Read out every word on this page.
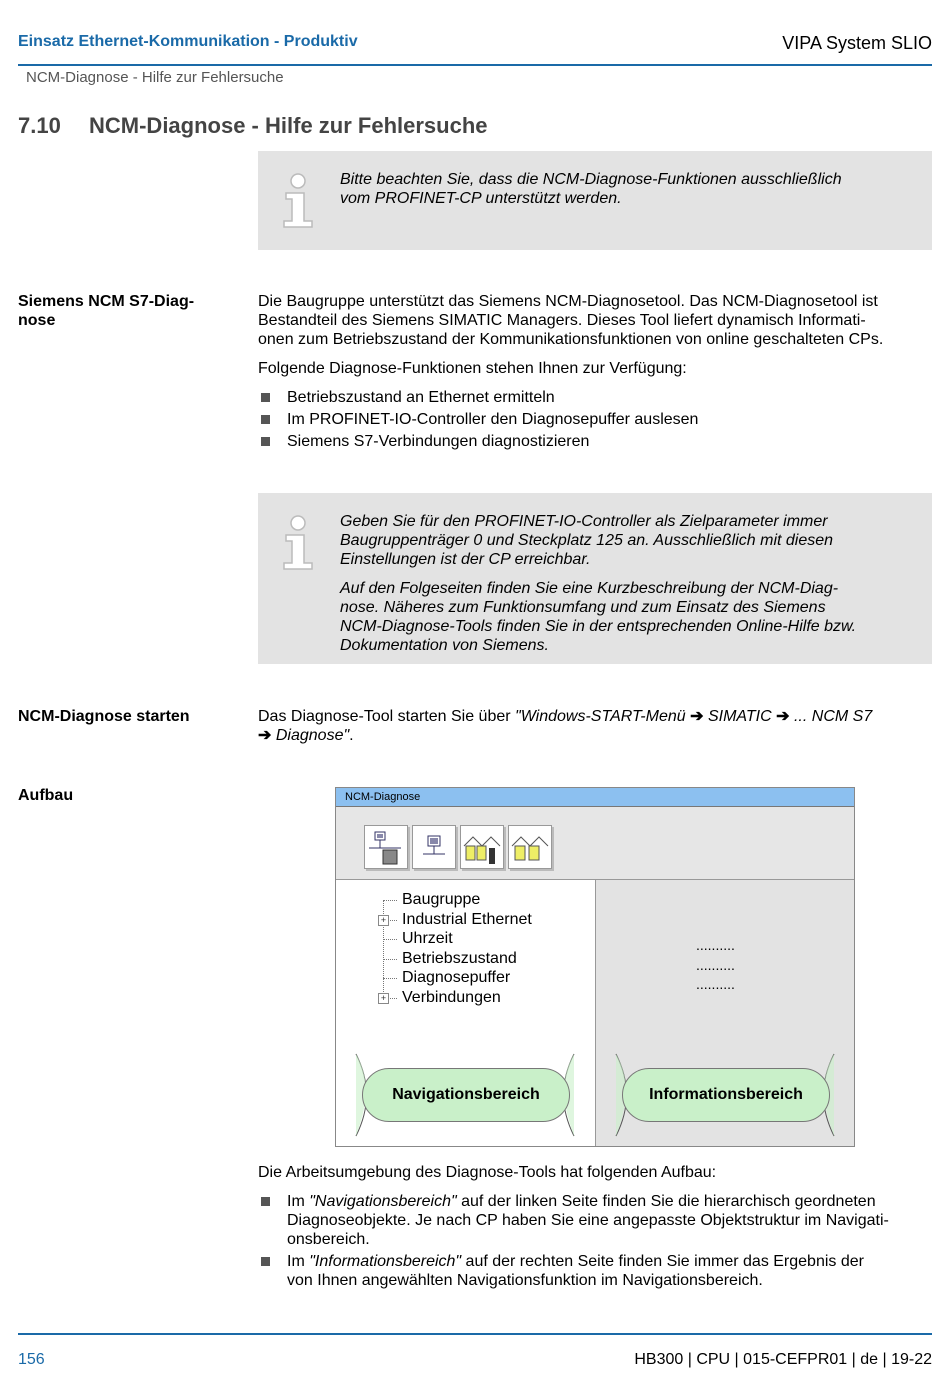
Einsatz Ethernet-Kommunikation - Produktiv	VIPA System SLIO
NCM-Diagnose - Hilfe zur Fehlersuche
7.10 NCM-Diagnose - Hilfe zur Fehlersuche

Bitte beachten Sie, dass die NCM-Diagnose-Funktionen ausschließlich
vom PROFINET-CP unterstützt werden.

Siemens NCM S7-Diag-
nose

Die Baugruppe unterstützt das Siemens NCM-Diagnosetool. Das NCM-Diagnosetool ist
Bestandteil des Siemens SIMATIC Managers. Dieses Tool liefert dynamisch Informati-
onen zum Betriebszustand der Kommunikationsfunktionen von online geschalteten CPs.

Folgende Diagnose-Funktionen stehen Ihnen zur Verfügung:

Betriebszustand an Ethernet ermitteln
Im PROFINET-IO-Controller den Diagnosepuffer auslesen
Siemens S7-Verbindungen diagnostizieren

Geben Sie für den PROFINET-IO-Controller als Zielparameter immer
Baugruppenträger 0 und Steckplatz 125 an. Ausschließlich mit diesen
Einstellungen ist der CP erreichbar.

Auf den Folgeseiten finden Sie eine Kurzbeschreibung der NCM-Diag-
nose. Näheres zum Funktionsumfang und zum Einsatz des Siemens
NCM-Diagnose-Tools finden Sie in der entsprechenden Online-Hilfe bzw.
Dokumentation von Siemens.

NCM-Diagnose starten	Das Diagnose-Tool starten Sie über "Windows-START-Menü ➔ SIMATIC ➔ ... NCM S7
➔ Diagnose".
Aufbau	NCM-Diagnose
Baugruppe
+ Industrial Ethernet
Uhrzeit
Betriebszustand
Diagnosepuffer
+ Verbindungen
Navigationsbereich
..........
..........
..........
Informationsbereich

Die Arbeitsumgebung des Diagnose-Tools hat folgenden Aufbau:

Im "Navigationsbereich" auf der linken Seite finden Sie die hierarchisch geordneten
Diagnoseobjekte. Je nach CP haben Sie eine angepasste Objektstruktur im Navigati-
onsbereich.
Im "Informationsbereich" auf der rechten Seite finden Sie immer das Ergebnis der
von Ihnen angewählten Navigationsfunktion im Navigationsbereich.
156	HB300 | CPU | 015-CEFPR01 | de | 19-22
